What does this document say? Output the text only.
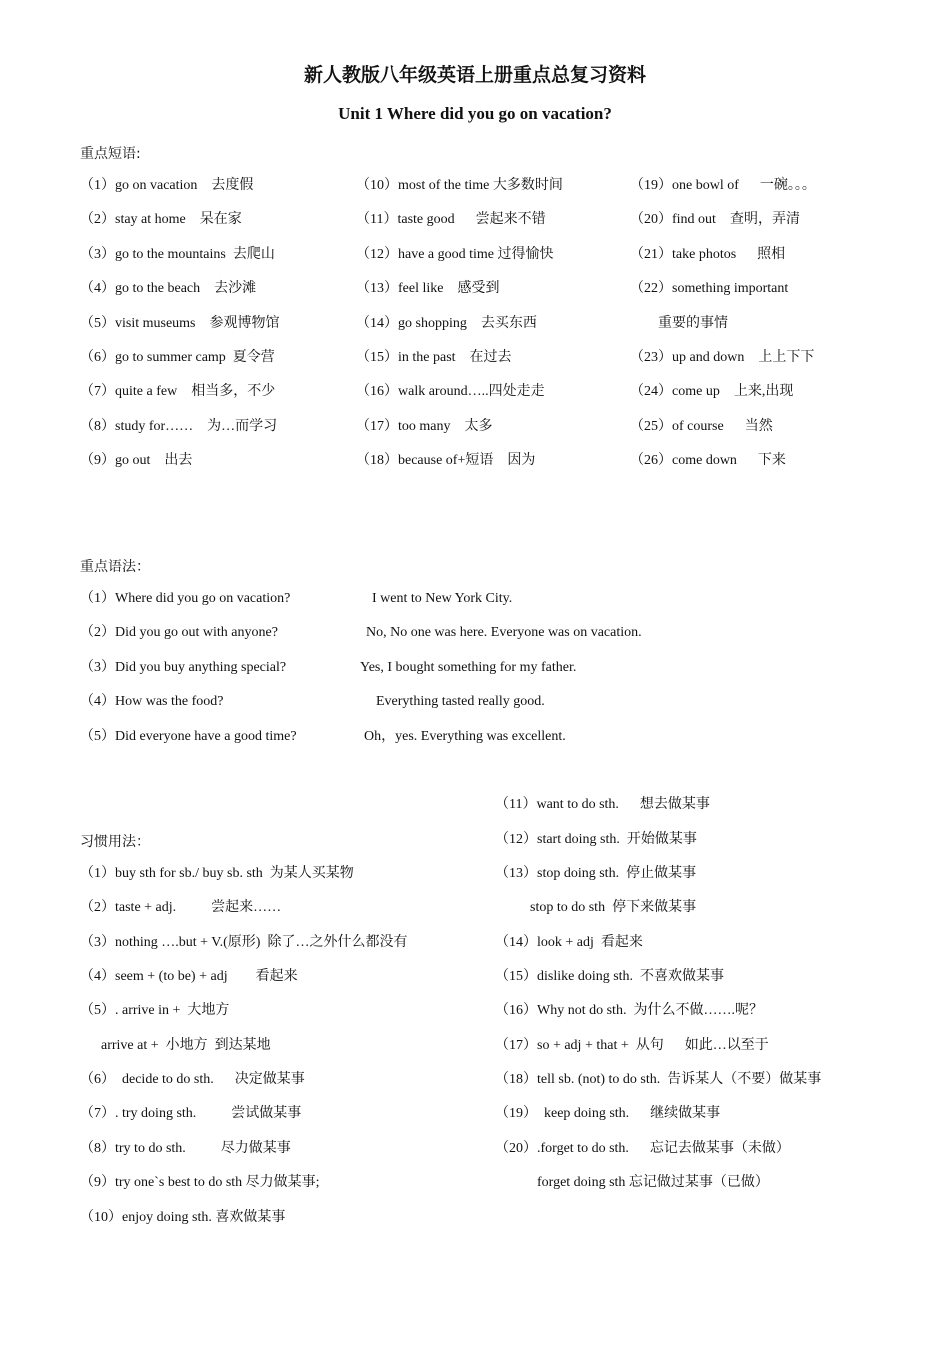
新人教版八年级英语上册重点总复习资料
Unit 1 Where did you go on vacation?
重点短语:
（1）go on vacation    去度假
（2）stay at home    呆在家
（3）go to the mountains  去爬山
（4）go to the beach    去沙滩
（5）visit museums    参观博物馆
（6）go to summer camp  夏令营
（7）quite a few    相当多，不少
（8）study for……    为…而学习
（9）go out    出去
（10）most of the time 大多数时间
（11）taste good      尝起来不错
（12）have a good time 过得愉快
（13）feel like    感受到
（14）go shopping    去买东西
（15）in the past    在过去
（16）walk around…..四处走走
（17）too many    太多
（18）because of+短语    因为
（19）one bowl of      一碗。。。
（20）find out    查明，弄清
（21）take photos      照相
（22）something important
重要的事情
（23）up and down    上上下下
（24）come up    上来,出现
（25）of course      当然
（26）come down      下来
重点语法：
（1）Where did you go on vacation?	I went to New York City.
（2）Did you go out with anyone?	No, No one was here. Everyone was on vacation.
（3）Did you buy anything special?	Yes, I bought something for my father.
（4）How was the food?	Everything tasted really good.
（5）Did everyone have a good time?	Oh，yes. Everything was excellent.
习惯用法：
（1）buy sth for sb./ buy sb. sth  为某人买某物
（2）taste + adj.          尝起来……
（3）nothing ….but + V.(原形)  除了…之外什么都没有
（4）seem + (to be) + adj        看起来
（5）. arrive in +  大地方
arrive at +  小地方  到达某地
（6）  decide to do sth.      决定做某事
（7）. try doing sth.          尝试做某事
（8）try to do sth.          尽力做某事
（9）try one`s best to do sth 尽力做某事;
（10）enjoy doing sth. 喜欢做某事
（11）want to do sth.      想去做某事
（12）start doing sth.  开始做某事
（13）stop doing sth.  停止做某事
stop to do sth  停下来做某事
（14）look + adj  看起来
（15）dislike doing sth.  不喜欢做某事
（16）Why not do sth.  为什么不做…….呢？
（17）so + adj + that +  从句      如此…以至于
（18）tell sb. (not) to do sth.  告诉某人（不要）做某事
（19）  keep doing sth.      继续做某事
（20）.forget to do sth.      忘记去做某事（未做）
forget doing sth 忘记做过某事（已做）
